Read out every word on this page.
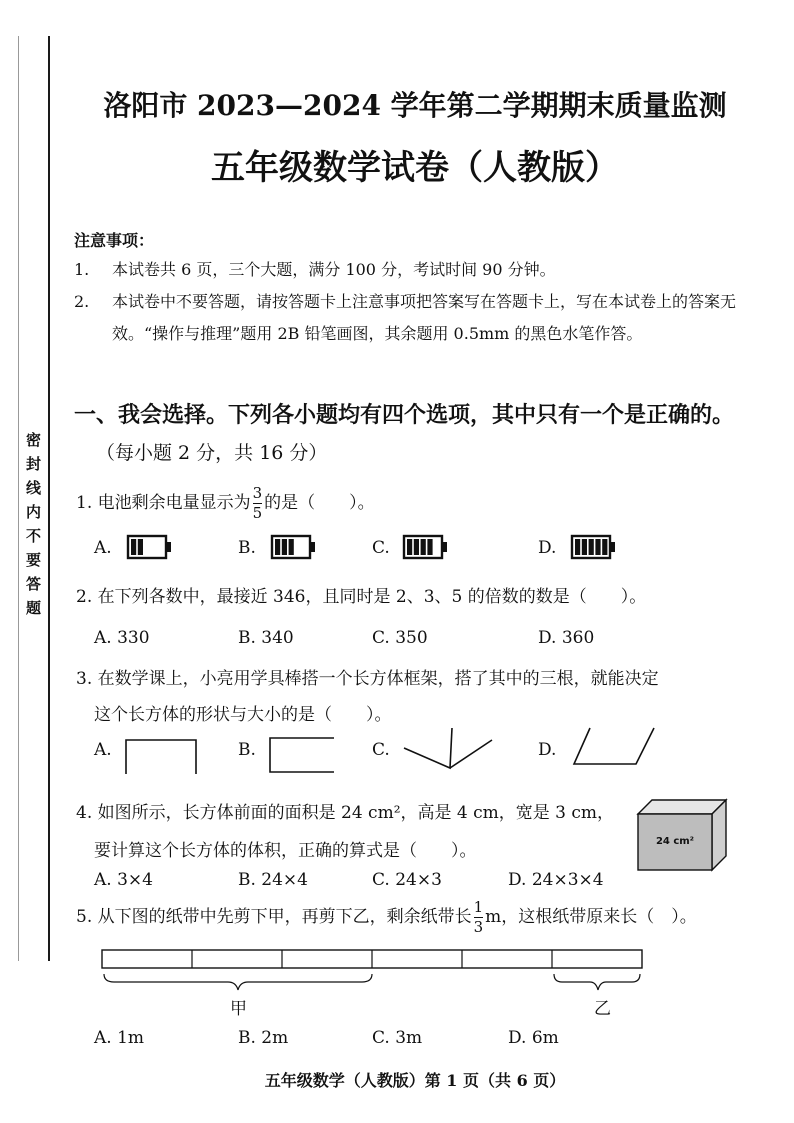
密封线内不要答题
洛阳市 2023—2024 学年第二学期期末质量监测
五年级数学试卷（人教版）
注意事项：
1. 本试卷共 6 页，三个大题，满分 100 分，考试时间 90 分钟。
2. 本试卷中不要答题，请按答题卡上注意事项把答案写在答题卡上，写在本试卷上的答案无效。“操作与推理”题用 2B 铅笔画图，其余题用 0.5mm 的黑色水笔作答。
一、我会选择。下列各小题均有四个选项，其中只有一个是正确的。
（每小题 2 分，共 16 分）
1. 电池剩余电量显示为 $\frac{3}{5}$ 的是（　　）。
A.	B.	C.	D.
2. 在下列各数中，最接近 346，且同时是 2、3、5 的倍数的数是（　　）。
A. 330	B. 340	C. 350	D. 360
3. 在数学课上，小亮用学具棒搭一个长方体框架，搭了其中的三根，就能决定
这个长方体的形状与大小的是（　　）。
A.	B.	C.	D.
4. 如图所示，长方体前面的面积是 24 cm²，高是 4 cm，宽是 3 cm，
要计算这个长方体的体积，正确的算式是（　　）。
A. 3×4	B. 24×4	C. 24×3	D. 24×3×4
24 cm²
5. 从下图的纸带中先剪下甲，再剪下乙，剩余纸带长 $\frac{1}{3}$ m，这根纸带原来长（　）。
甲	乙
A. 1m	B. 2m	C. 3m	D. 6m
五年级数学（人教版）第 1 页（共 6 页）
